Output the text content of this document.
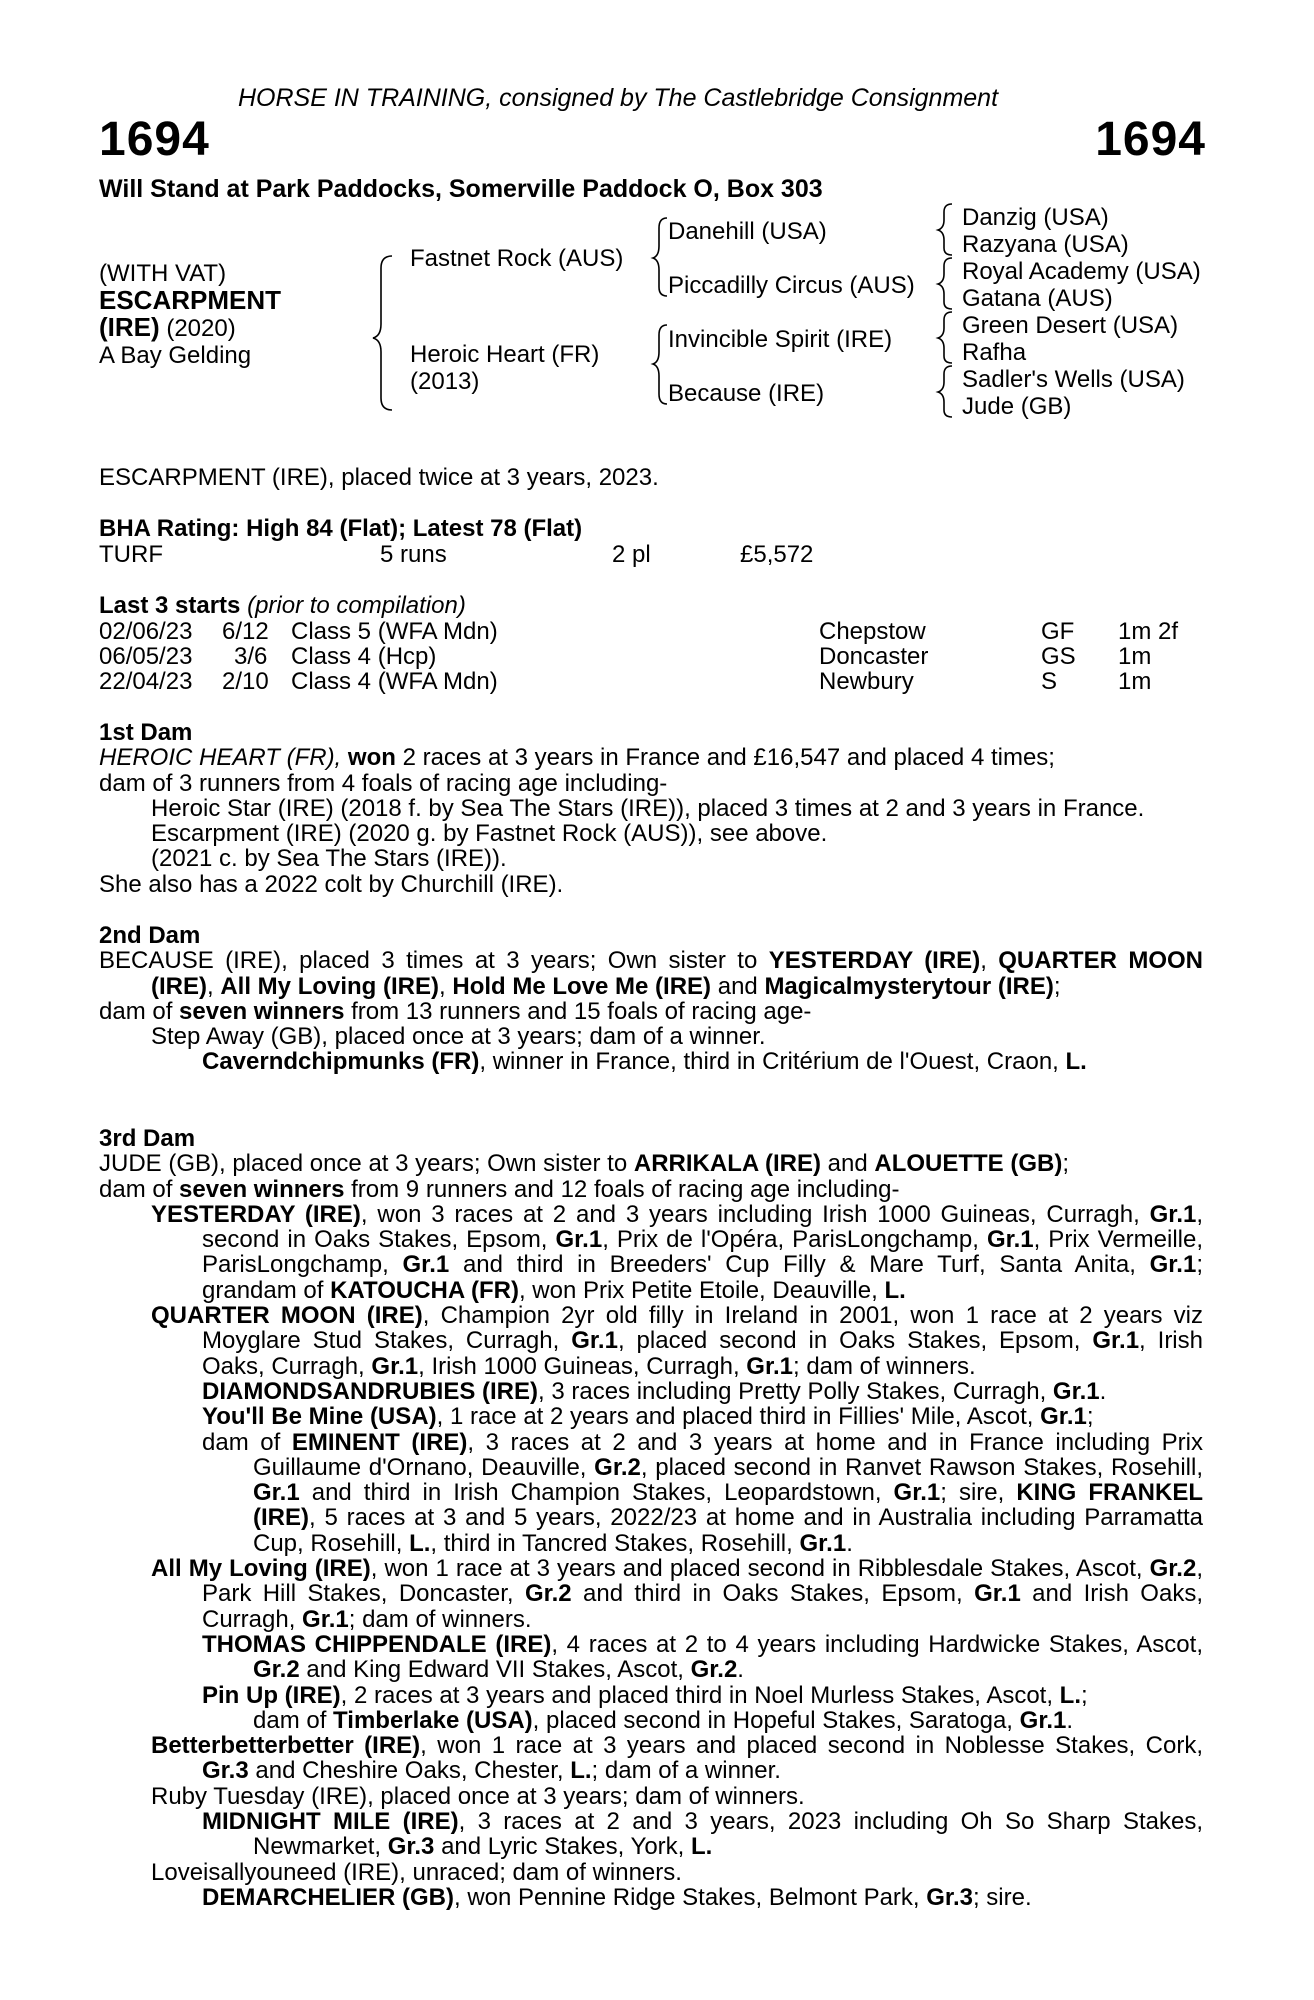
HORSE IN TRAINING, consigned by The Castlebridge Consignment
1694	1694
Will Stand at Park Paddocks, Somerville Paddock O, Box 303
(WITH VAT)
ESCARPMENT
(IRE) (2020)
A Bay Gelding
Fastnet Rock (AUS)
Heroic Heart (FR)
(2013)
Danehill (USA)
Piccadilly Circus (AUS)
Invincible Spirit (IRE)
Because (IRE)
Danzig (USA)
Razyana (USA)
Royal Academy (USA)
Gatana (AUS)
Green Desert (USA)
Rafha
Sadler's Wells (USA)
Jude (GB)
ESCARPMENT (IRE), placed twice at 3 years, 2023.
BHA Rating: High 84 (Flat); Latest 78 (Flat)
TURF	5 runs	2 pl	£5,572
Last 3 starts (prior to compilation)
02/06/23 6/12 Class 5 (WFA Mdn)	Chepstow	GF 1m 2f
06/05/23 3/6 Class 4 (Hcp)	Doncaster	GS 1m
22/04/23 2/10 Class 4 (WFA Mdn)	Newbury	S	1m
1st Dam
HEROIC HEART (FR), won 2 races at 3 years in France and £16,547 and placed 4 times;
dam of 3 runners from 4 foals of racing age including-
Heroic Star (IRE) (2018 f. by Sea The Stars (IRE)), placed 3 times at 2 and 3 years in France.
Escarpment (IRE) (2020 g. by Fastnet Rock (AUS)), see above.
(2021 c. by Sea The Stars (IRE)).
She also has a 2022 colt by Churchill (IRE).
2nd Dam
BECAUSE (IRE), placed 3 times at 3 years; Own sister to YESTERDAY (IRE), QUARTER MOON (IRE), All My Loving (IRE), Hold Me Love Me (IRE) and Magicalmysterytour (IRE);
dam of seven winners from 13 runners and 15 foals of racing age-
Step Away (GB), placed once at 3 years; dam of a winner.
Caverndchipmunks (FR), winner in France, third in Critérium de l'Ouest, Craon, L.
3rd Dam
JUDE (GB), placed once at 3 years; Own sister to ARRIKALA (IRE) and ALOUETTE (GB);
dam of seven winners from 9 runners and 12 foals of racing age including-
YESTERDAY (IRE), won 3 races at 2 and 3 years including Irish 1000 Guineas, Curragh, Gr.1, second in Oaks Stakes, Epsom, Gr.1, Prix de l'Opéra, ParisLongchamp, Gr.1, Prix Vermeille, ParisLongchamp, Gr.1 and third in Breeders' Cup Filly & Mare Turf, Santa Anita, Gr.1; grandam of KATOUCHA (FR), won Prix Petite Etoile, Deauville, L.
QUARTER MOON (IRE), Champion 2yr old filly in Ireland in 2001, won 1 race at 2 years viz Moyglare Stud Stakes, Curragh, Gr.1, placed second in Oaks Stakes, Epsom, Gr.1, Irish Oaks, Curragh, Gr.1, Irish 1000 Guineas, Curragh, Gr.1; dam of winners.
DIAMONDSANDRUBIES (IRE), 3 races including Pretty Polly Stakes, Curragh, Gr.1.
You'll Be Mine (USA), 1 race at 2 years and placed third in Fillies' Mile, Ascot, Gr.1;
dam of EMINENT (IRE), 3 races at 2 and 3 years at home and in France including Prix Guillaume d'Ornano, Deauville, Gr.2, placed second in Ranvet Rawson Stakes, Rosehill, Gr.1 and third in Irish Champion Stakes, Leopardstown, Gr.1; sire, KING FRANKEL (IRE), 5 races at 3 and 5 years, 2022/23 at home and in Australia including Parramatta Cup, Rosehill, L., third in Tancred Stakes, Rosehill, Gr.1.
All My Loving (IRE), won 1 race at 3 years and placed second in Ribblesdale Stakes, Ascot, Gr.2, Park Hill Stakes, Doncaster, Gr.2 and third in Oaks Stakes, Epsom, Gr.1 and Irish Oaks, Curragh, Gr.1; dam of winners.
THOMAS CHIPPENDALE (IRE), 4 races at 2 to 4 years including Hardwicke Stakes, Ascot, Gr.2 and King Edward VII Stakes, Ascot, Gr.2.
Pin Up (IRE), 2 races at 3 years and placed third in Noel Murless Stakes, Ascot, L.;
dam of Timberlake (USA), placed second in Hopeful Stakes, Saratoga, Gr.1.
Betterbetterbetter (IRE), won 1 race at 3 years and placed second in Noblesse Stakes, Cork, Gr.3 and Cheshire Oaks, Chester, L.; dam of a winner.
Ruby Tuesday (IRE), placed once at 3 years; dam of winners.
MIDNIGHT MILE (IRE), 3 races at 2 and 3 years, 2023 including Oh So Sharp Stakes, Newmarket, Gr.3 and Lyric Stakes, York, L.
Loveisallyouneed (IRE), unraced; dam of winners.
DEMARCHELIER (GB), won Pennine Ridge Stakes, Belmont Park, Gr.3; sire.
